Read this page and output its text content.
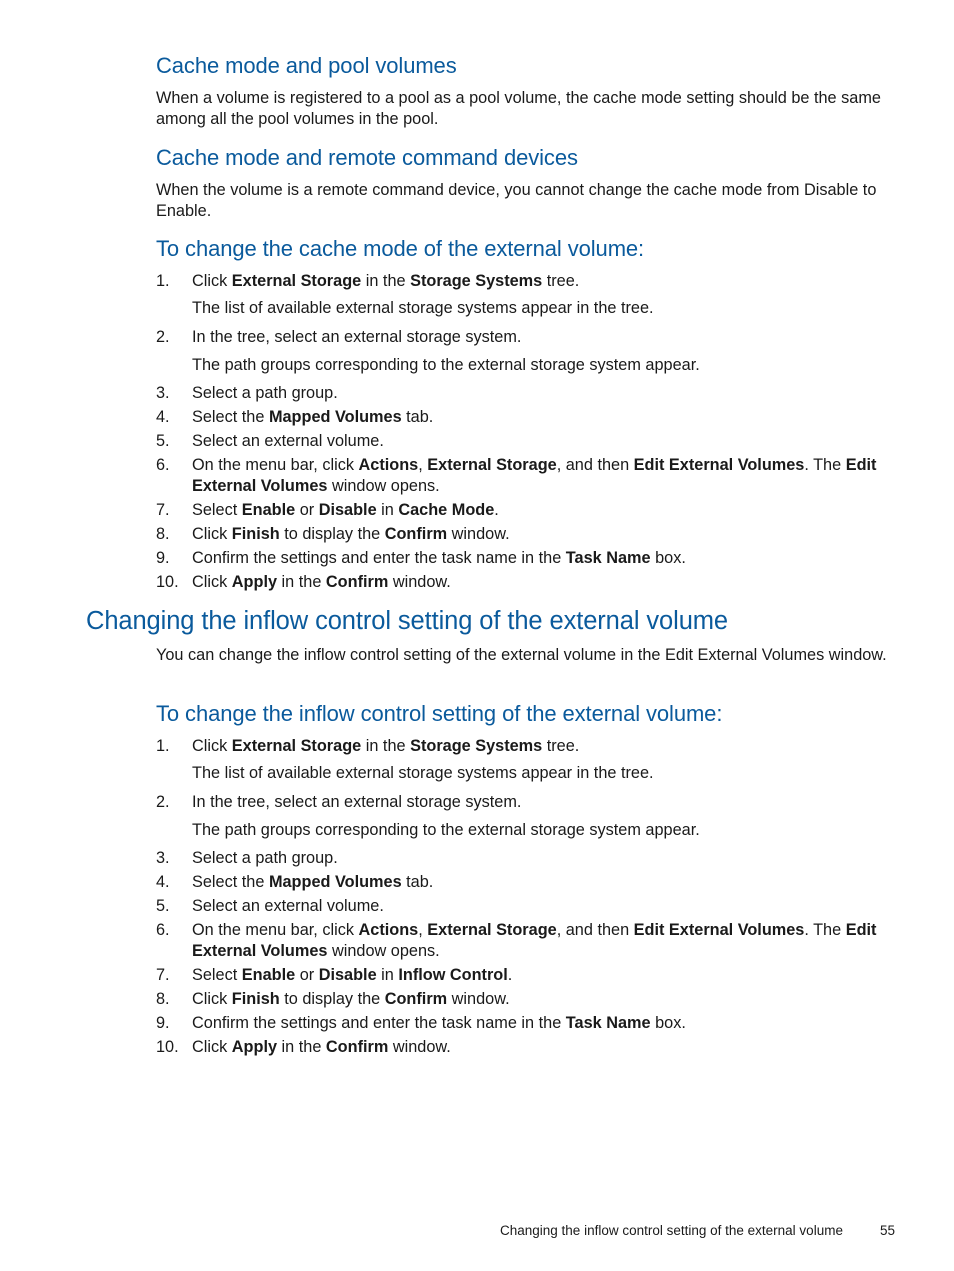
Cache mode and pool volumes

When a volume is registered to a pool as a pool volume, the cache mode setting should be the same among all the pool volumes in the pool.

Cache mode and remote command devices

When the volume is a remote command device, you cannot change the cache mode from Disable to Enable.

To change the cache mode of the external volume:
Changing the inflow control setting of the external volume

You can change the inflow control setting of the external volume in the Edit External Volumes window.

To change the inflow control setting of the external volume:
Changing the inflow control setting of the external volume	55
1. Click External Storage in the Storage Systems tree.

The list of available external storage systems appear in the tree.

2. In the tree, select an external storage system.

The path groups corresponding to the external storage system appear.

3. Select a path group.
4. Select the Mapped Volumes tab.
5. Select an external volume.
6. On the menu bar, click Actions, External Storage, and then Edit External Volumes. The Edit External Volumes window opens.
7. Select Enable or Disable in Cache Mode.
8. Click Finish to display the Confirm window.
9. Confirm the settings and enter the task name in the Task Name box.
10. Click Apply in the Confirm window.
1. Click External Storage in the Storage Systems tree.

The list of available external storage systems appear in the tree.

2. In the tree, select an external storage system.

The path groups corresponding to the external storage system appear.

3. Select a path group.
4. Select the Mapped Volumes tab.
5. Select an external volume.
6. On the menu bar, click Actions, External Storage, and then Edit External Volumes. The Edit External Volumes window opens.
7. Select Enable or Disable in Inflow Control.
8. Click Finish to display the Confirm window.
9. Confirm the settings and enter the task name in the Task Name box.
10. Click Apply in the Confirm window.
